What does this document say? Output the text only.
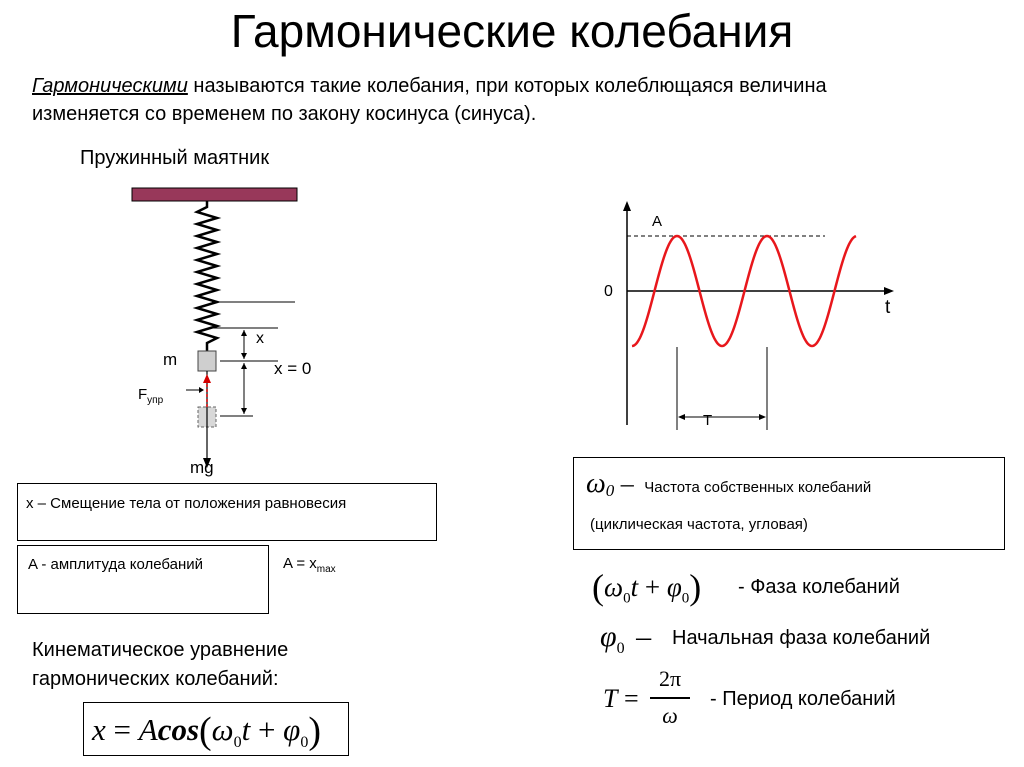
Гармонические колебания
Гармоническими называются такие колебания, при которых колеблющаяся величина
изменяется со временем по закону косинуса (синуса).
Пружинный маятник
m
$F_{упр}$
mg
x
x = 0
A
0
t
T
x – Смещение тела от положения равновесия
A - амплитуда колебаний	$A = x_{max}$
$\omega_0$ – Частота собственных колебаний
(циклическая частота, угловая)
$(\omega_0t + \varphi_0)$ - Фаза колебаний
$\varphi_0$ – Начальная фаза колебаний
T =
2π
ω
- Период колебаний
Кинематическое уравнение
гармонических колебаний:
$x = Acos(\omega_0t + \varphi_0)$
